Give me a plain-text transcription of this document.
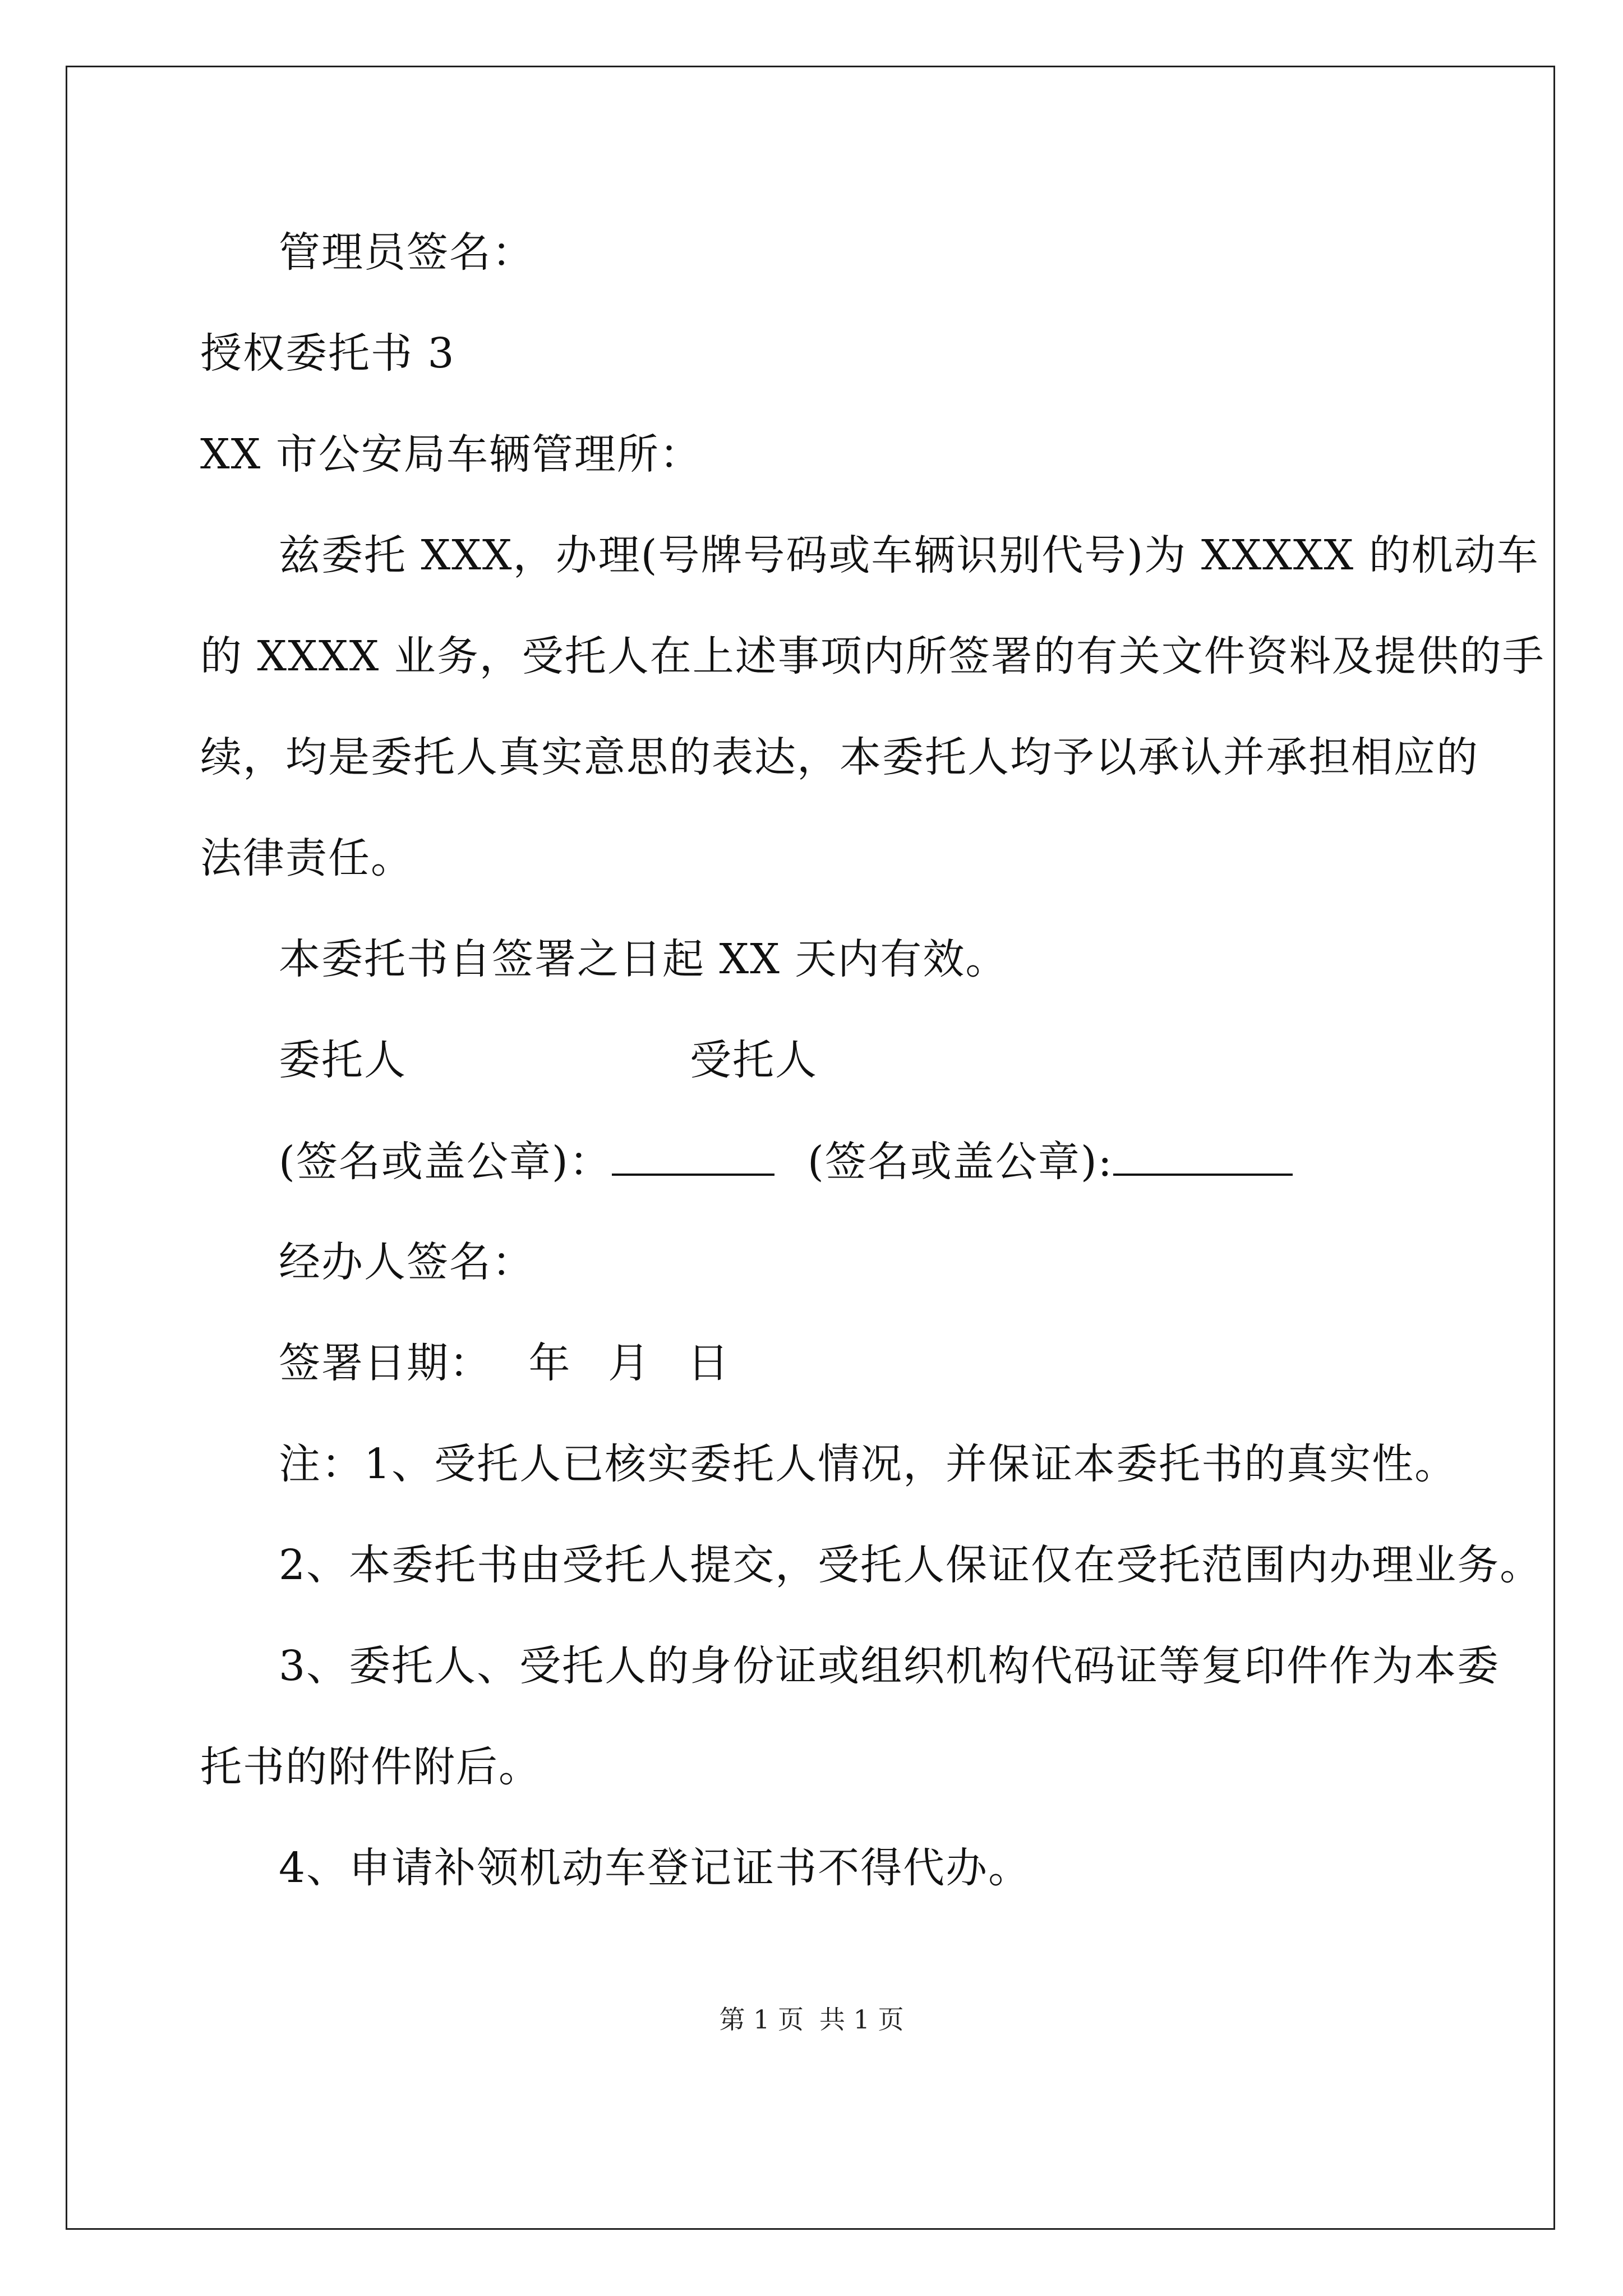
管理员签名：
授权委托书 3
XX 市公安局车辆管理所：
兹委托 XXX，办理(号牌号码或车辆识别代号)为 XXXXX 的机动车
的 XXXX 业务，受托人在上述事项内所签署的有关文件资料及提供的手
续，均是委托人真实意思的表达，本委托人均予以承认并承担相应的
法律责任。
本委托书自签署之日起 XX 天内有效。
委托人	受托人
(签名或盖公章)：	(签名或盖公章):
经办人签名：
签署日期： 年 月 日
注：1、受托人已核实委托人情况，并保证本委托书的真实性。
2、本委托书由受托人提交，受托人保证仅在受托范围内办理业务。
3、委托人、受托人的身份证或组织机构代码证等复印件作为本委
托书的附件附后。
4、申请补领机动车登记证书不得代办。
第 1 页 共 1 页
